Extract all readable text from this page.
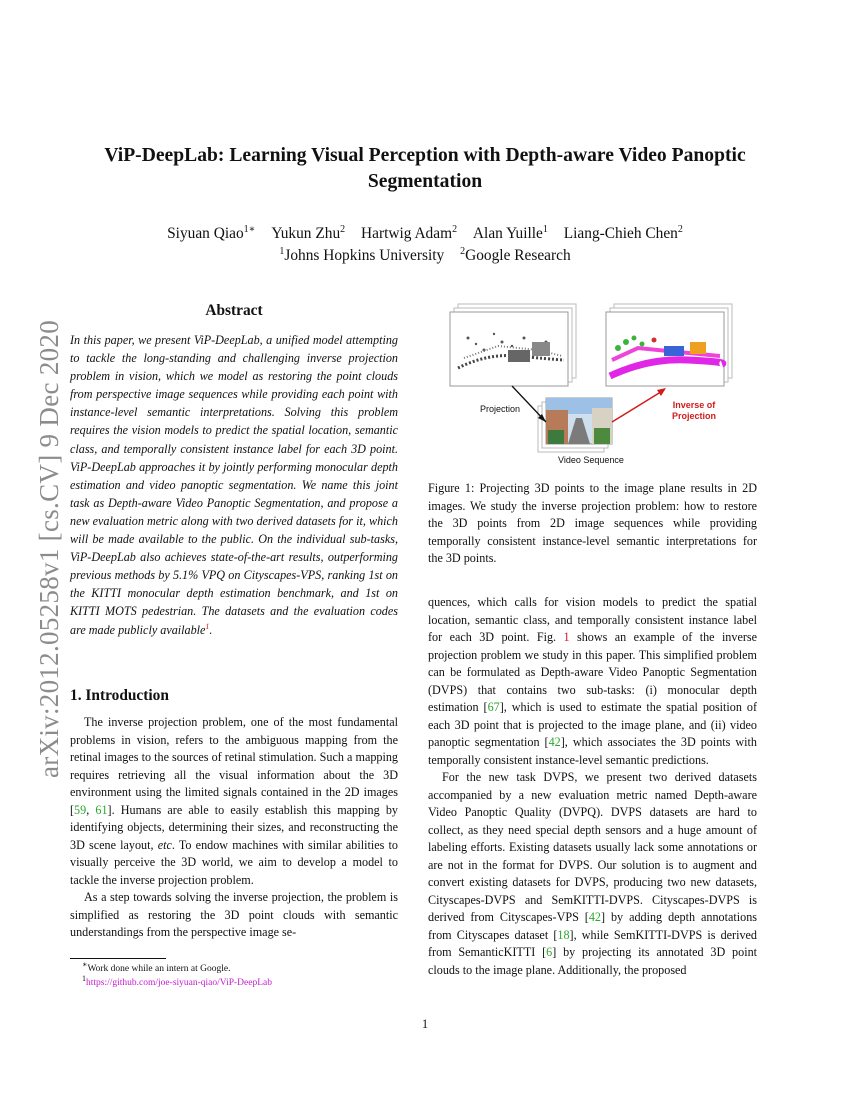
arXiv:2012.05258v1 [cs.CV] 9 Dec 2020
ViP-DeepLab: Learning Visual Perception with Depth-aware Video Panoptic Segmentation
Siyuan Qiao$^{1∗}$ Yukun Zhu$^2$ Hartwig Adam$^2$ Alan Yuille$^1$ Liang-Chieh Chen$^2$
$^1$Johns Hopkins University $^2$Google Research
Abstract
In this paper, we present ViP-DeepLab, a unified model attempting to tackle the long-standing and challenging inverse projection problem in vision, which we model as restoring the point clouds from perspective image sequences while providing each point with instance-level semantic interpretations. Solving this problem requires the vision models to predict the spatial location, semantic class, and temporally consistent instance label for each 3D point. ViP-DeepLab approaches it by jointly performing monocular depth estimation and video panoptic segmentation. We name this joint task as Depth-aware Video Panoptic Segmentation, and propose a new evaluation metric along with two derived datasets for it, which will be made available to the public. On the individual sub-tasks, ViP-DeepLab also achieves state-of-the-art results, outperforming previous methods by 5.1% VPQ on Cityscapes-VPS, ranking 1st on the KITTI monocular depth estimation benchmark, and 1st on KITTI MOTS pedestrian. The datasets and the evaluation codes are made publicly available$^1$.
1. Introduction

The inverse projection problem, one of the most fundamental problems in vision, refers to the ambiguous mapping from the retinal images to the sources of retinal stimulation. Such a mapping requires retrieving all the visual information about the 3D environment using the limited signals contained in the 2D images [59, 61]. Humans are able to easily establish this mapping by identifying objects, determining their sizes, and reconstructing the 3D scene layout, etc. To endow machines with similar abilities to visually perceive the 3D world, we aim to develop a model to tackle the inverse projection problem.

As a step towards solving the inverse projection, the problem is simplified as restoring the 3D point clouds with semantic understandings from the perspective image se-

∗Work done while an intern at Google.
$^1$https://github.com/joe-siyuan-qiao/ViP-DeepLab
Projection	Inverse of
Projection
Video Sequence
Figure 1: Projecting 3D points to the image plane results in 2D images. We study the inverse projection problem: how to restore the 3D points from 2D image sequences while providing temporally consistent instance-level semantic interpretations for the 3D points.

quences, which calls for vision models to predict the spatial location, semantic class, and temporally consistent instance label for each 3D point. Fig. 1 shows an example of the inverse projection problem we study in this paper. This simplified problem can be formulated as Depth-aware Video Panoptic Segmentation (DVPS) that contains two sub-tasks: (i) monocular depth estimation [67], which is used to estimate the spatial position of each 3D point that is projected to the image plane, and (ii) video panoptic segmentation [42], which associates the 3D points with temporally consistent instance-level semantic predictions.

For the new task DVPS, we present two derived datasets accompanied by a new evaluation metric named Depth-aware Video Panoptic Quality (DVPQ). DVPS datasets are hard to collect, as they need special depth sensors and a huge amount of labeling efforts. Existing datasets usually lack some annotations or are not in the format for DVPS. Our solution is to augment and convert existing datasets for DVPS, producing two new datasets, Cityscapes-DVPS and SemKITTI-DVPS. Cityscapes-DVPS is derived from Cityscapes-VPS [42] by adding depth annotations from Cityscapes dataset [18], while SemKITTI-DVPS is derived from SemanticKITTI [6] by projecting its annotated 3D point clouds to the image plane. Additionally, the proposed

1
